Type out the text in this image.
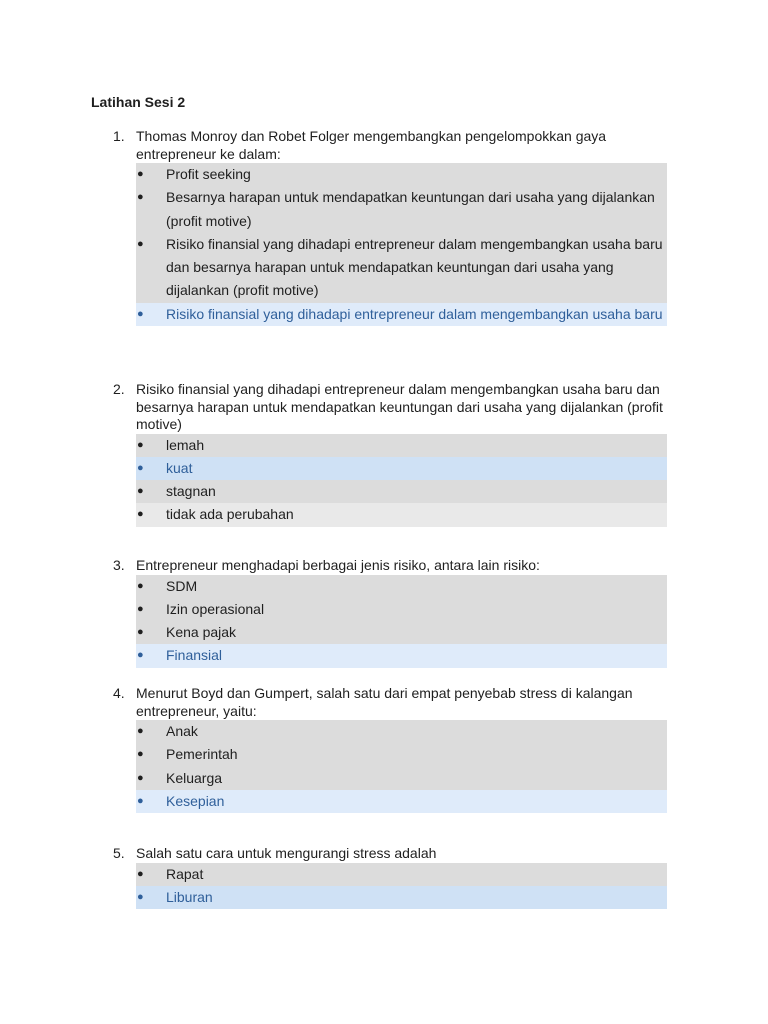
Latihan Sesi 2
1. Thomas Monroy dan Robet Folger mengembangkan pengelompokkan gaya entrepreneur ke dalam:
● Profit seeking
● Besarnya harapan untuk mendapatkan keuntungan dari usaha yang dijalankan (profit motive)
● Risiko finansial yang dihadapi entrepreneur dalam mengembangkan usaha baru dan besarnya harapan untuk mendapatkan keuntungan dari usaha yang dijalankan (profit motive)
● Risiko finansial yang dihadapi entrepreneur dalam mengembangkan usaha baru
2. Risiko finansial yang dihadapi entrepreneur dalam mengembangkan usaha baru dan besarnya harapan untuk mendapatkan keuntungan dari usaha yang dijalankan (profit motive)
● lemah
● kuat
● stagnan
● tidak ada perubahan
3. Entrepreneur menghadapi berbagai jenis risiko, antara lain risiko:
● SDM
● Izin operasional
● Kena pajak
● Finansial
4. Menurut Boyd dan Gumpert, salah satu dari empat penyebab stress di kalangan entrepreneur, yaitu:
● Anak
● Pemerintah
● Keluarga
● Kesepian
5. Salah satu cara untuk mengurangi stress adalah
● Rapat
● Liburan
